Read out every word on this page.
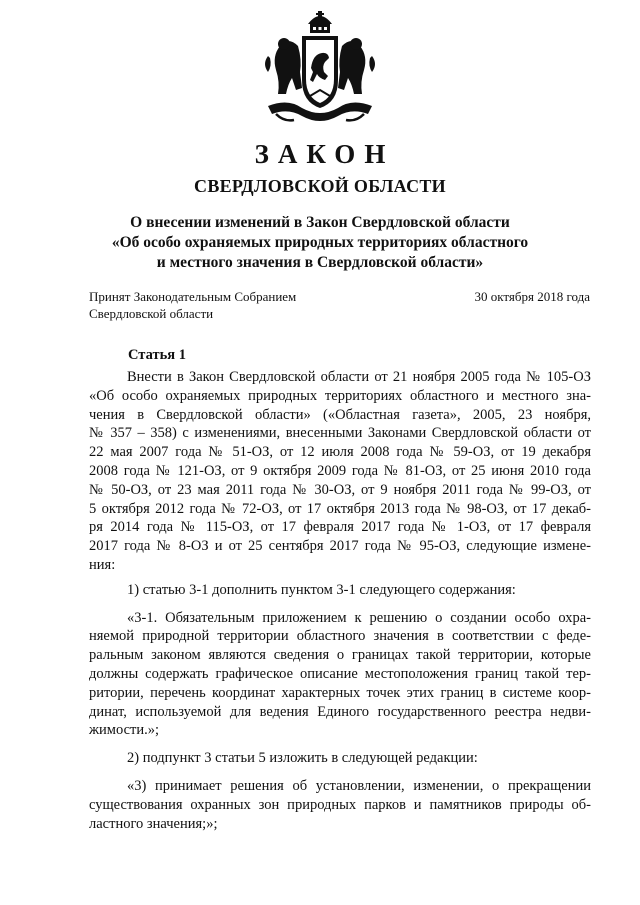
ЗАКОН
СВЕРДЛОВСКОЙ ОБЛАСТИ
О внесении изменений в Закон Свердловской области
«Об особо охраняемых природных территориях областного
и местного значения в Свердловской области»
Принят Законодательным Собранием
Свердловской области
30 октября 2018 года
Статья 1

Внести в Закон Свердловской области от 21 ноября 2005 года № 105-ОЗ
«Об особо охраняемых природных территориях областного и местного зна-
чения в Свердловской области» («Областная газета», 2005, 23 ноября,
№ 357 – 358) с изменениями, внесенными Законами Свердловской области от
22 мая 2007 года № 51-ОЗ, от 12 июля 2008 года № 59-ОЗ, от 19 декабря
2008 года № 121-ОЗ, от 9 октября 2009 года № 81-ОЗ, от 25 июня 2010 года
№ 50-ОЗ, от 23 мая 2011 года № 30-ОЗ, от 9 ноября 2011 года № 99-ОЗ, от
5 октября 2012 года № 72-ОЗ, от 17 октября 2013 года № 98-ОЗ, от 17 декаб-
ря 2014 года № 115-ОЗ, от 17 февраля 2017 года № 1-ОЗ, от 17 февраля
2017 года № 8-ОЗ и от 25 сентября 2017 года № 95-ОЗ, следующие измене-
ния:

1) статью 3-1 дополнить пунктом 3-1 следующего содержания:

«3-1. Обязательным приложением к решению о создании особо охра-
няемой природной территории областного значения в соответствии с феде-
ральным законом являются сведения о границах такой территории, которые
должны содержать графическое описание местоположения границ такой тер-
ритории, перечень координат характерных точек этих границ в системе коор-
динат, используемой для ведения Единого государственного реестра недви-
жимости.»;

2) подпункт 3 статьи 5 изложить в следующей редакции:

«3) принимает решения об установлении, изменении, о прекращении
существования охранных зон природных парков и памятников природы об-
ластного значения;»;
